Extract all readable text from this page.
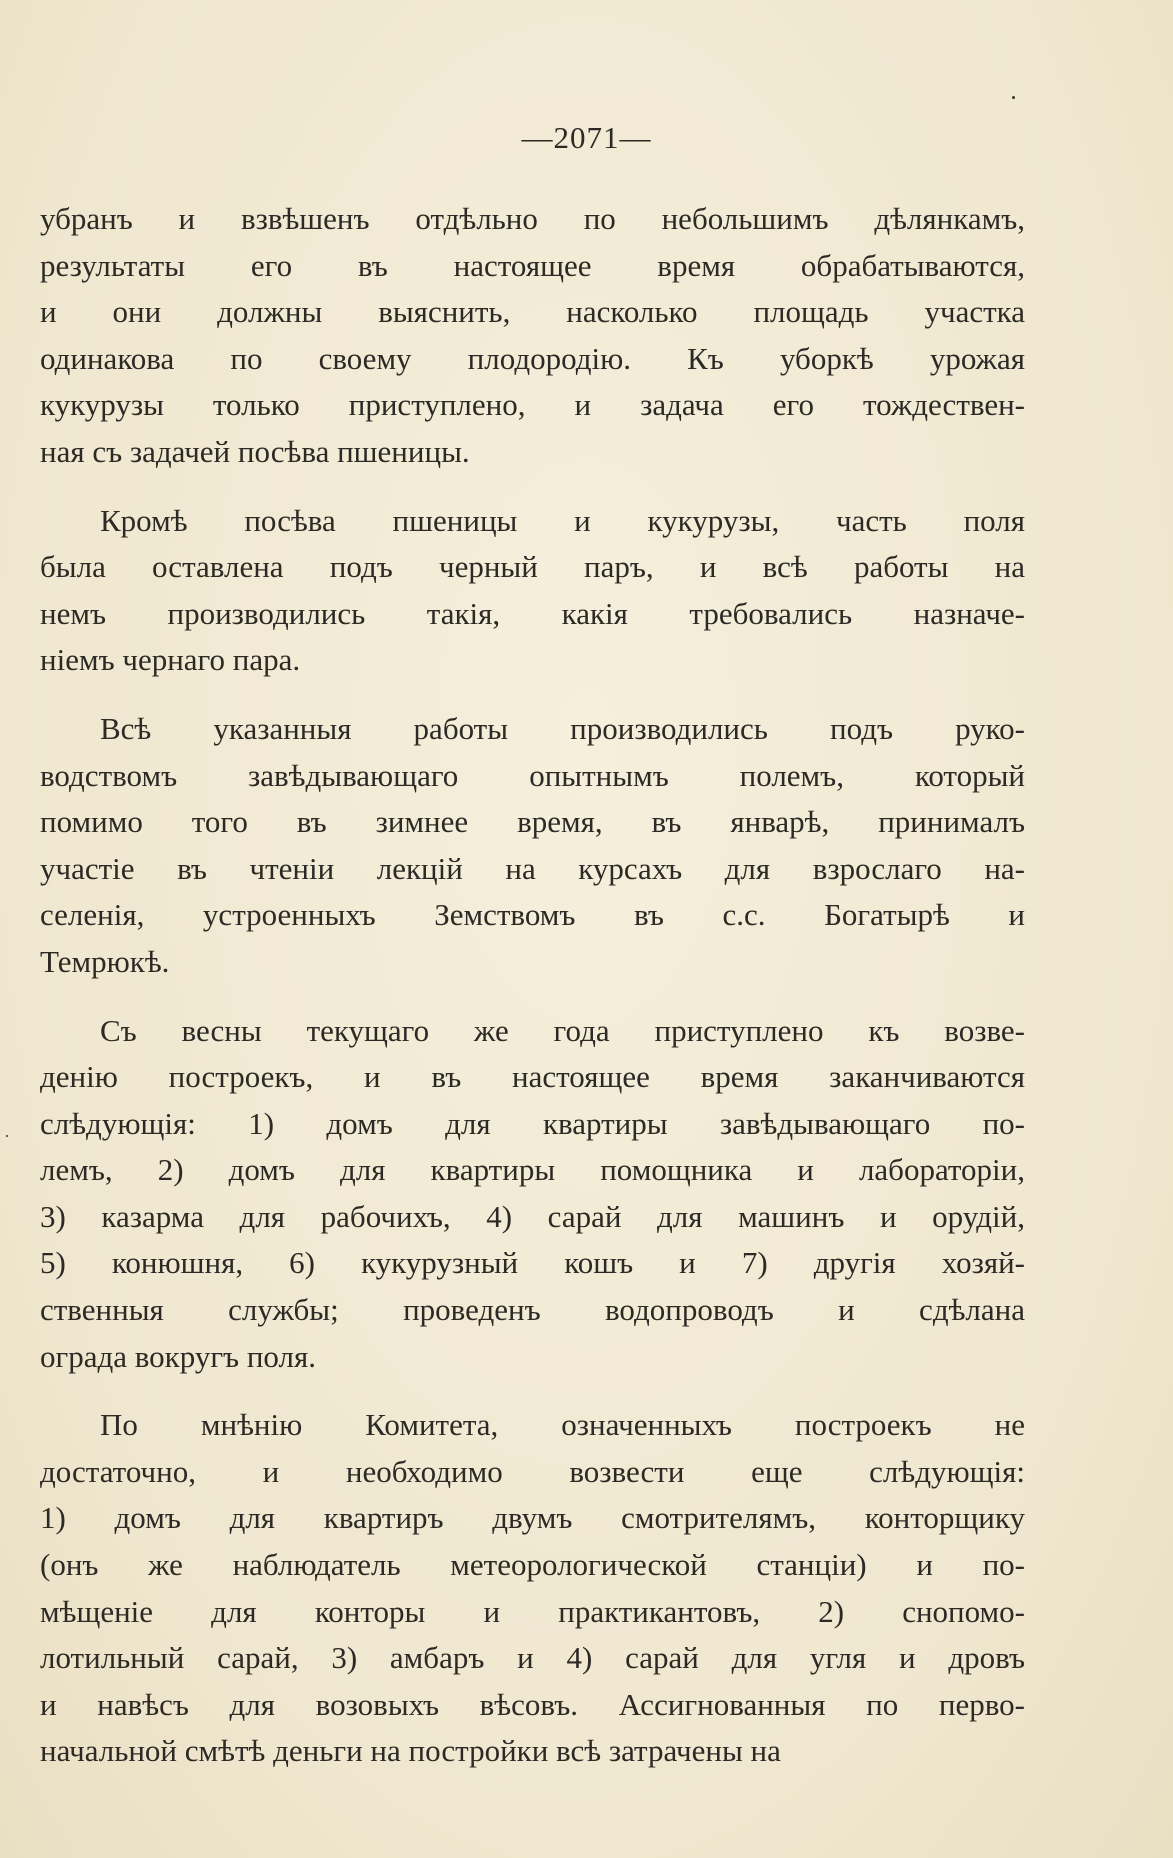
—2071—

убранъ и взвѣшенъ отдѣльно по небольшимъ дѣлянкамъ,
результаты его въ настоящее время обрабатываются,
и они должны выяснить, насколько площадь участка
одинакова по своему плодородію. Къ уборкѣ урожая
кукурузы только приступлено, и задача его тождествен-
ная съ задачей посѣва пшеницы.

Кромѣ посѣва пшеницы и кукурузы, часть поля
была оставлена подъ черный паръ, и всѣ работы на
немъ производились такія, какія требовались назначе-
ніемъ чернаго пара.

Всѣ указанныя работы производились подъ руко-
водствомъ завѣдывающаго опытнымъ полемъ, который
помимо того въ зимнее время, въ январѣ, принималъ
участіе въ чтеніи лекцій на курсахъ для взрослаго на-
селенія, устроенныхъ Земствомъ въ с.с. Богатырѣ и
Темрюкѣ.

Съ весны текущаго же года приступлено къ возве-
денію построекъ, и въ настоящее время заканчиваются
слѣдующія: 1) домъ для квартиры завѣдывающаго по-
лемъ, 2) домъ для квартиры помощника и лабораторіи,
3) казарма для рабочихъ, 4) сарай для машинъ и орудій,
5) конюшня, 6) кукурузный кошъ и 7) другія хозяй-
ственныя службы; проведенъ водопроводъ и сдѣлана
ограда вокругъ поля.

По мнѣнію Комитета, означенныхъ построекъ не
достаточно, и необходимо возвести еще слѣдующія:
1) домъ для квартиръ двумъ смотрителямъ, конторщику
(онъ же наблюдатель метеорологической станціи) и по-
мѣщеніе для конторы и практикантовъ, 2) снопомо-
лотильный сарай, 3) амбаръ и 4) сарай для угля и дровъ
и навѣсъ для возовыхъ вѣсовъ. Ассигнованныя по перво-
начальной смѣтѣ деньги на постройки всѣ затрачены на
